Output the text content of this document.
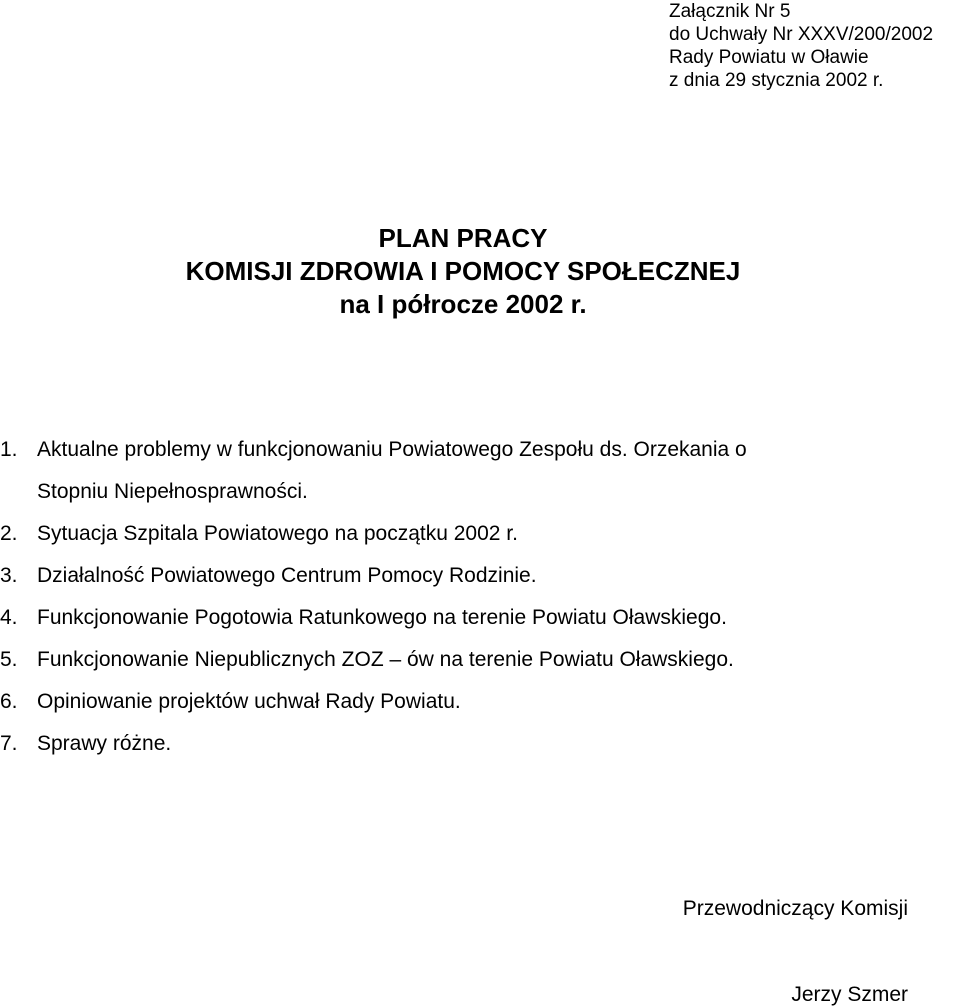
Załącznik Nr 5
do Uchwały Nr XXXV/200/2002
Rady Powiatu w Oławie
z dnia 29 stycznia 2002 r.
PLAN PRACY
KOMISJI ZDROWIA I POMOCY SPOŁECZNEJ
na I półrocze 2002 r.
1. Aktualne problemy w funkcjonowaniu Powiatowego Zespołu ds. Orzekania o
Stopniu Niepełnosprawności.
2. Sytuacja Szpitala Powiatowego na początku 2002 r.
3. Działalność Powiatowego Centrum Pomocy Rodzinie.
4. Funkcjonowanie Pogotowia Ratunkowego na terenie Powiatu Oławskiego.
5. Funkcjonowanie Niepublicznych ZOZ – ów na terenie Powiatu Oławskiego.
6. Opiniowanie projektów uchwał Rady Powiatu.
7. Sprawy różne.
Przewodniczący Komisji
Jerzy Szmer
